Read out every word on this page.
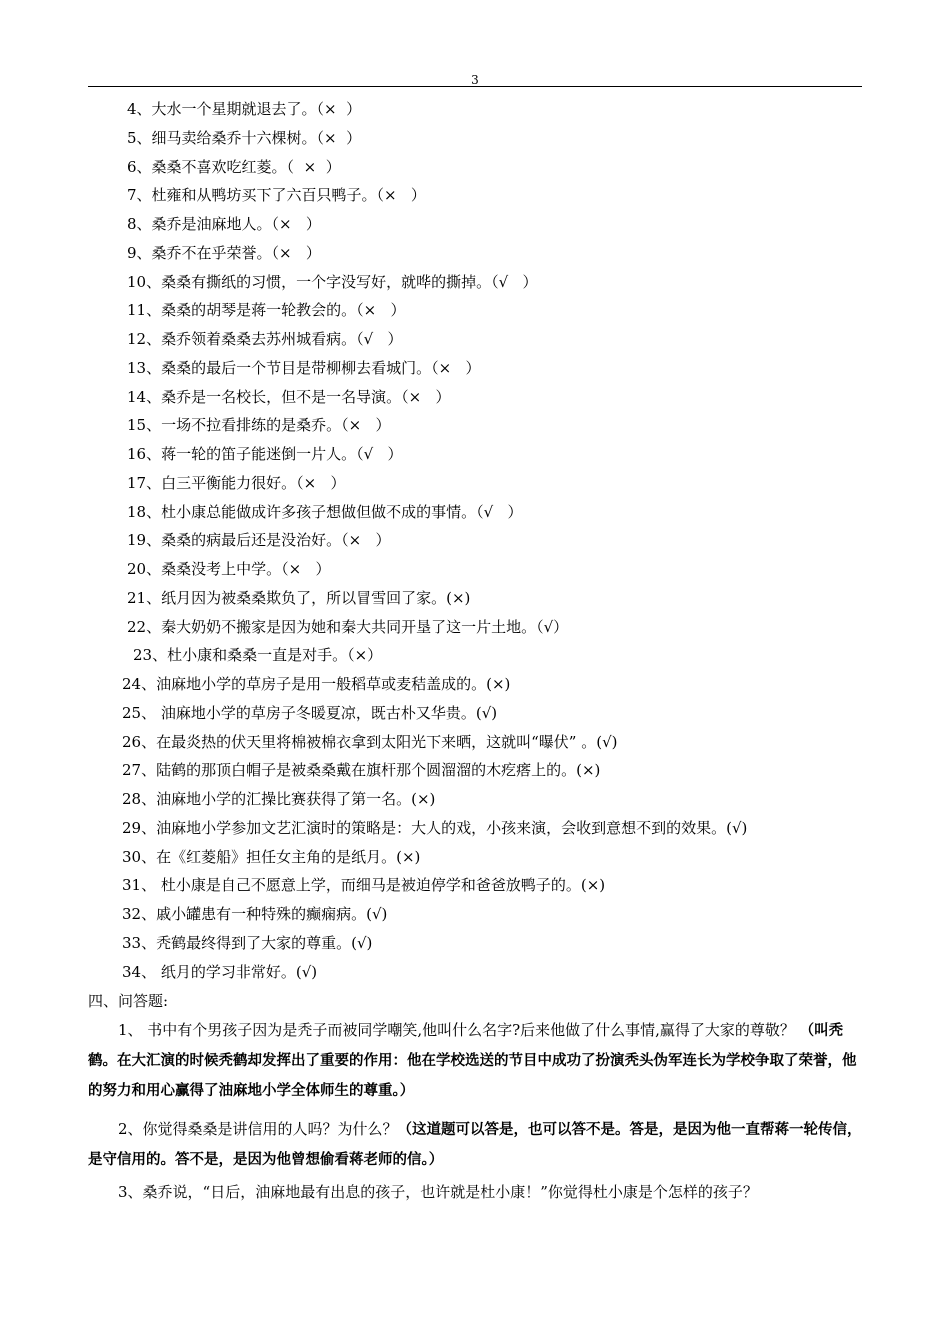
3
4、大水一个星期就退去了。（×  ）
5、细马卖给桑乔十六棵树。（×  ）
6、桑桑不喜欢吃红菱。（  ×  ）
7、杜雍和从鸭坊买下了六百只鸭子。（×   ）
8、桑乔是油麻地人。（×   ）
9、桑乔不在乎荣誉。（×   ）
10、桑桑有撕纸的习惯，一个字没写好，就哗的撕掉。（√   ）
11、桑桑的胡琴是蒋一轮教会的。（×   ）
12、桑乔领着桑桑去苏州城看病。（√   ）
13、桑桑的最后一个节目是带柳柳去看城门。（×   ）
14、桑乔是一名校长，但不是一名导演。（×   ）
15、一场不拉看排练的是桑乔。（×   ）
16、蒋一轮的笛子能迷倒一片人。（√   ）
17、白三平衡能力很好。（×   ）
18、杜小康总能做成许多孩子想做但做不成的事情。（√   ）
19、桑桑的病最后还是没治好。（×   ）
20、桑桑没考上中学。（×   ）
21、纸月因为被桑桑欺负了，所以冒雪回了家。(×)
22、秦大奶奶不搬家是因为她和秦大共同开垦了这一片土地。（√）
23、杜小康和桑桑一直是对手。（×）
24、油麻地小学的草房子是用一般稻草或麦秸盖成的。(×)
25、 油麻地小学的草房子冬暖夏凉，既古朴又华贵。(√)
26、在最炎热的伏天里将棉被棉衣拿到太阳光下来晒，这就叫“曝伏” 。(√)
27、陆鹤的那顶白帽子是被桑桑戴在旗杆那个圆溜溜的木疙瘩上的。(×)
28、油麻地小学的汇操比赛获得了第一名。(×)
29、油麻地小学参加文艺汇演时的策略是：大人的戏，小孩来演，会收到意想不到的效果。(√)
30、在《红菱船》担任女主角的是纸月。(×)
31、 杜小康是自己不愿意上学，而细马是被迫停学和爸爸放鸭子的。(×)
32、戚小罐患有一种特殊的癫痫病。(√)
33、秃鹤最终得到了大家的尊重。(√)
34、 纸月的学习非常好。(√)
四、问答题:

1、 书中有个男孩子因为是秃子而被同学嘲笑,他叫什么名字?后来他做了什么事情,赢得了大家的尊敬？ （叫秃鹤。在大汇演的时候秃鹤却发挥出了重要的作用：他在学校选送的节目中成功了扮演秃头伪军连长为学校争取了荣誉，他的努力和用心赢得了油麻地小学全体师生的尊重。）

2、你觉得桑桑是讲信用的人吗？为什么？（这道题可以答是，也可以答不是。答是，是因为他一直帮蒋一轮传信，是守信用的。答不是，是因为他曾想偷看蒋老师的信。）

3、桑乔说，“日后，油麻地最有出息的孩子，也许就是杜小康！”你觉得杜小康是个怎样的孩子？
